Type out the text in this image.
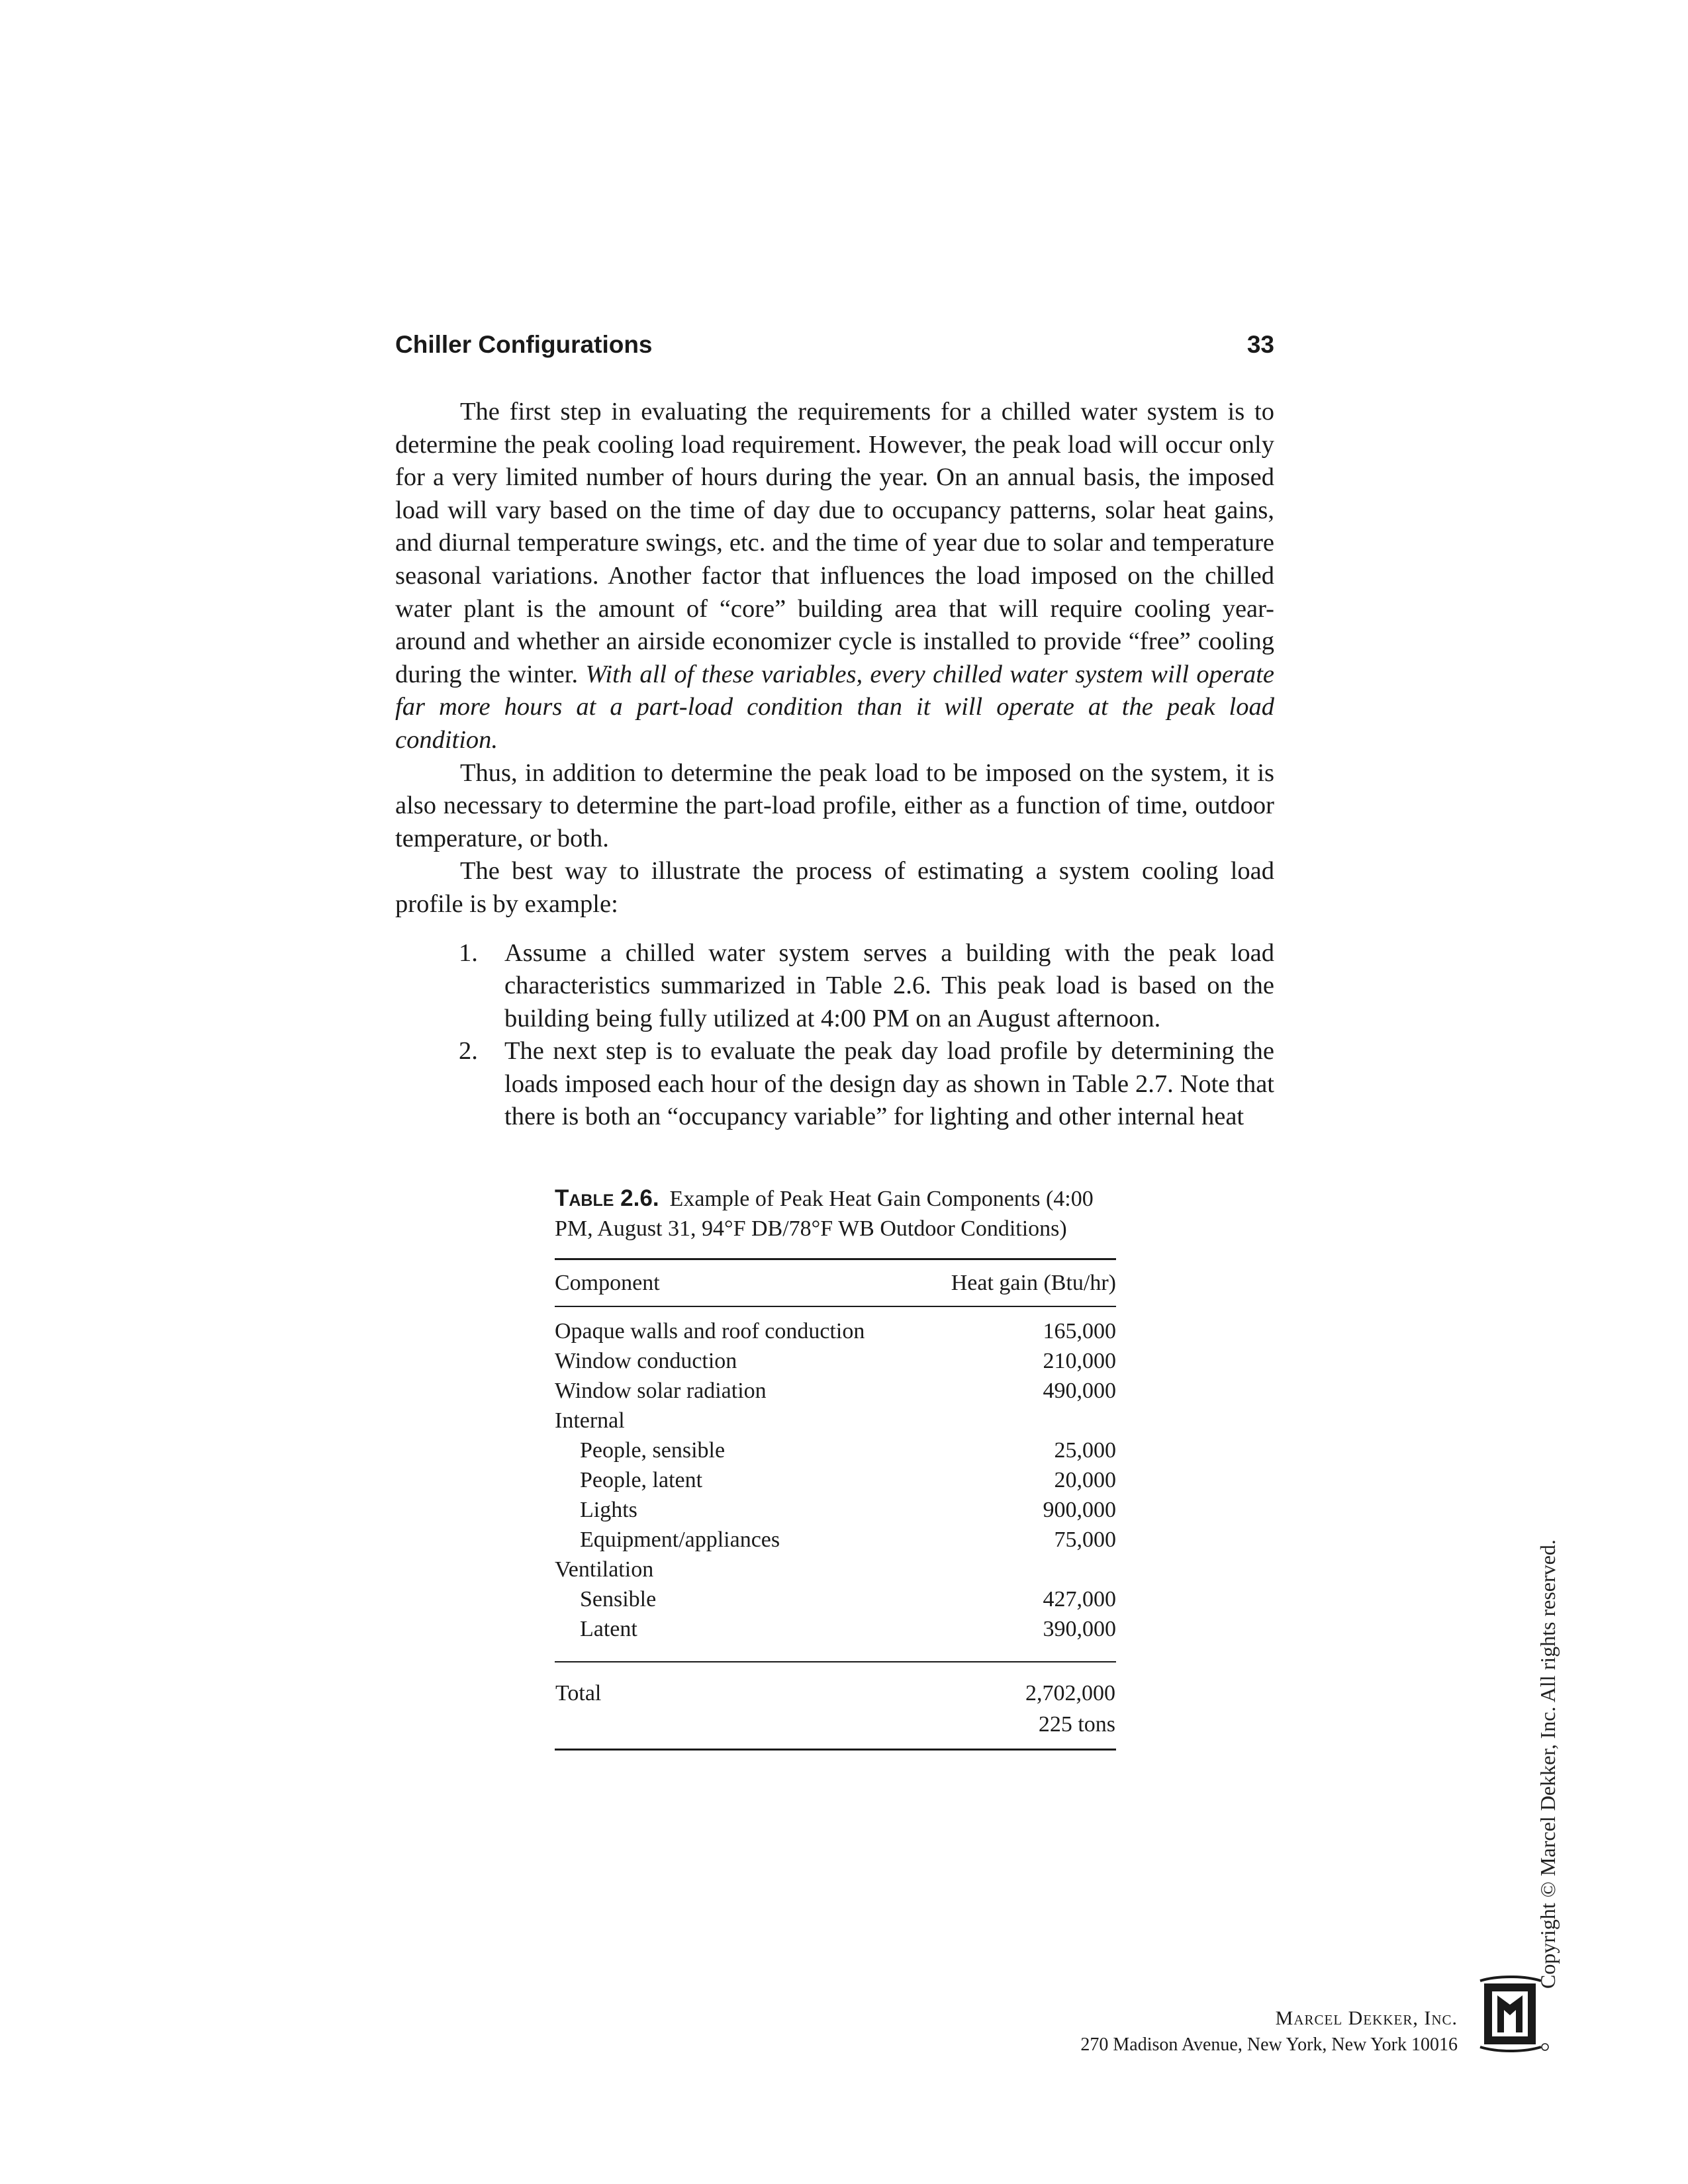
Chiller Configurations	33

The first step in evaluating the requirements for a chilled water system is to determine the peak cooling load requirement. However, the peak load will occur only for a very limited number of hours during the year. On an annual basis, the imposed load will vary based on the time of day due to occupancy patterns, solar heat gains, and diurnal temperature swings, etc. and the time of year due to solar and temperature seasonal variations. Another factor that influences the load imposed on the chilled water plant is the amount of “core” building area that will require cooling year-around and whether an airside economizer cycle is installed to provide “free” cooling during the winter. With all of these variables, every chilled water system will operate far more hours at a part-load condition than it will operate at the peak load condition.

Thus, in addition to determine the peak load to be imposed on the system, it is also necessary to determine the part-load profile, either as a function of time, outdoor temperature, or both.

The best way to illustrate the process of estimating a system cooling load profile is by example:

1. Assume a chilled water system serves a building with the peak load characteristics summarized in Table 2.6. This peak load is based on the building being fully utilized at 4:00 PM on an August afternoon.
2. The next step is to evaluate the peak day load profile by determining the loads imposed each hour of the design day as shown in Table 2.7. Note that there is both an “occupancy variable” for lighting and other internal heat

Table 2.6. Example of Peak Heat Gain Components (4:00 PM, August 31, 94°F DB/78°F WB Outdoor Conditions)

Component	Heat gain (Btu/hr)
Opaque walls and roof conduction	165,000
Window conduction	210,000
Window solar radiation	490,000
Internal	
People, sensible	25,000
People, latent	20,000
Lights	900,000
Equipment/appliances	75,000
Ventilation	
Sensible	427,000
Latent	390,000
Total	2,702,000
	225 tons	Copyright © Marcel Dekker, Inc. All rights reserved.
Marcel Dekker, Inc.
270 Madison Avenue, New York, New York 10016
